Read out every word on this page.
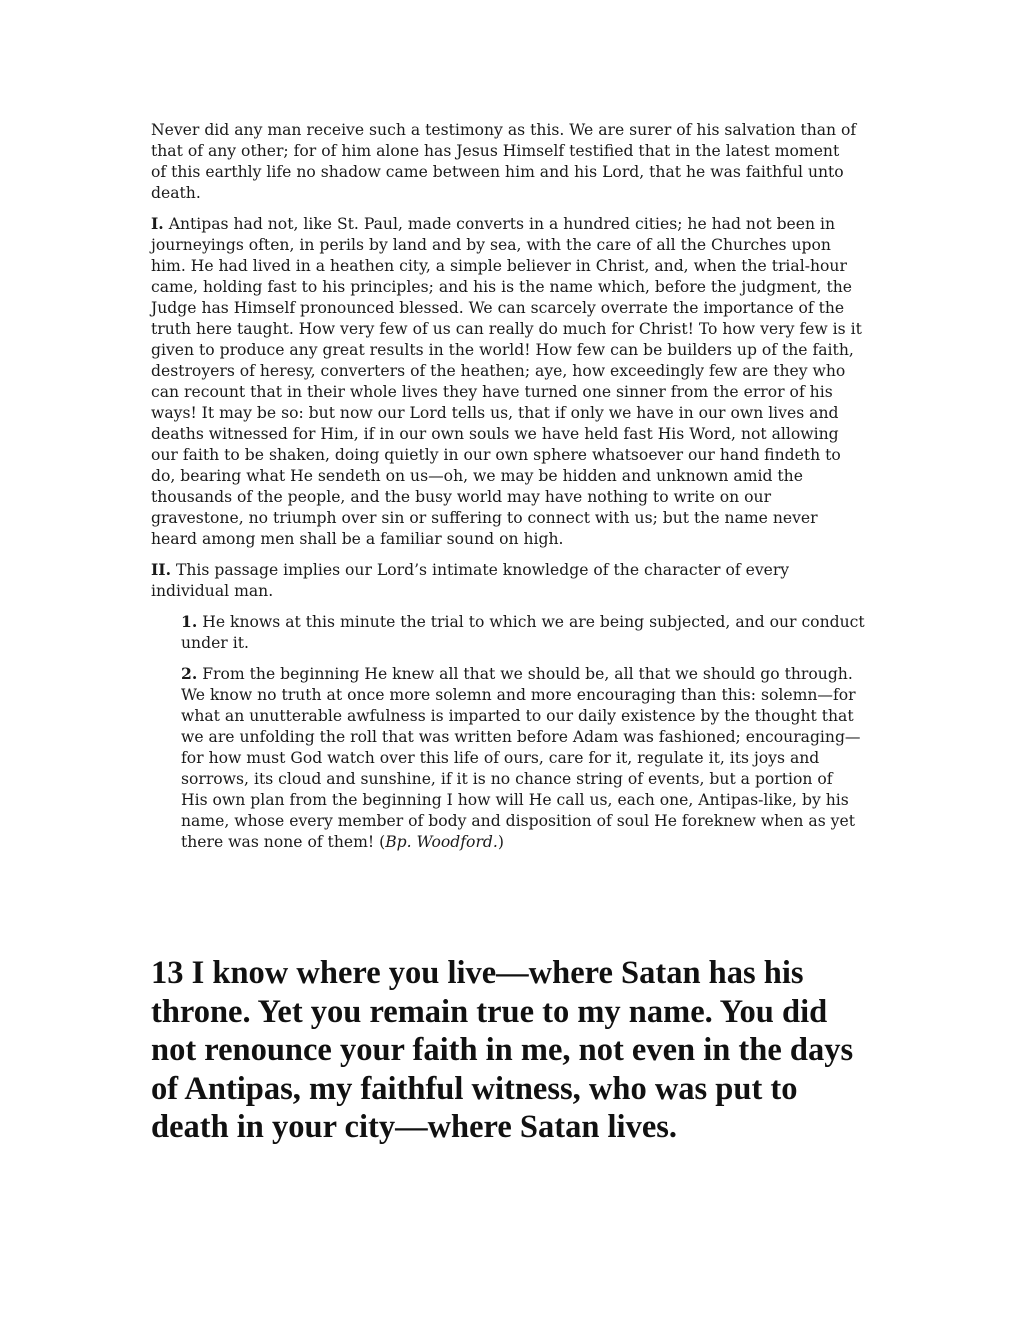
Never did any man receive such a testimony as this. We are surer of his salvation than of
that of any other; for of him alone has Jesus Himself testified that in the latest moment
of this earthly life no shadow came between him and his Lord, that he was faithful unto
death.

I. Antipas had not, like St. Paul, made converts in a hundred cities; he had not been in
journeyings often, in perils by land and by sea, with the care of all the Churches upon
him. He had lived in a heathen city, a simple believer in Christ, and, when the trial-hour
came, holding fast to his principles; and his is the name which, before the judgment, the
Judge has Himself pronounced blessed. We can scarcely overrate the importance of the
truth here taught. How very few of us can really do much for Christ! To how very few is it
given to produce any great results in the world! How few can be builders up of the faith,
destroyers of heresy, converters of the heathen; aye, how exceedingly few are they who
can recount that in their whole lives they have turned one sinner from the error of his
ways! It may be so: but now our Lord tells us, that if only we have in our own lives and
deaths witnessed for Him, if in our own souls we have held fast His Word, not allowing
our faith to be shaken, doing quietly in our own sphere whatsoever our hand findeth to
do, bearing what He sendeth on us—oh, we may be hidden and unknown amid the
thousands of the people, and the busy world may have nothing to write on our
gravestone, no triumph over sin or suffering to connect with us; but the name never
heard among men shall be a familiar sound on high.

II. This passage implies our Lord’s intimate knowledge of the character of every
individual man.

1. He knows at this minute the trial to which we are being subjected, and our conduct
under it.

2. From the beginning He knew all that we should be, all that we should go through.
We know no truth at once more solemn and more encouraging than this: solemn—for
what an unutterable awfulness is imparted to our daily existence by the thought that
we are unfolding the roll that was written before Adam was fashioned; encouraging—
for how must God watch over this life of ours, care for it, regulate it, its joys and
sorrows, its cloud and sunshine, if it is no chance string of events, but a portion of
His own plan from the beginning I how will He call us, each one, Antipas-like, by his
name, whose every member of body and disposition of soul He foreknew when as yet
there was none of them! (Bp. Woodford.)

13 I know where you live—where Satan has his
throne. Yet you remain true to my name. You did
not renounce your faith in me, not even in the days
of Antipas, my faithful witness, who was put to
death in your city—where Satan lives.
